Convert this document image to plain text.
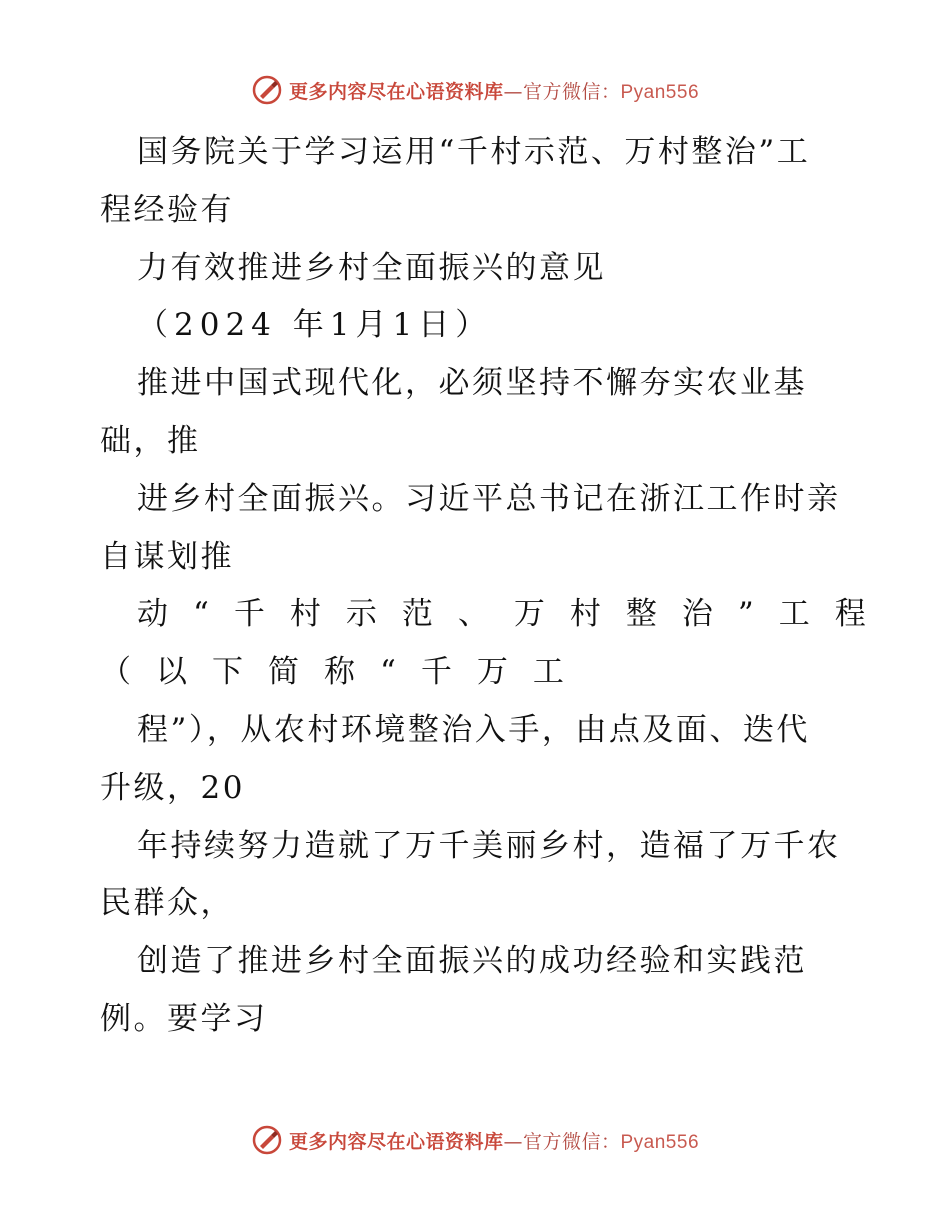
更多内容尽在心语资料库—官方微信：Pyan556
国务院关于学习运用“千村示范、万村整治”工
程经验有
力有效推进乡村全面振兴的意见
（2024 年1月1日）
推进中国式现代化，必须坚持不懈夯实农业基
础，推
进乡村全面振兴。习近平总书记在浙江工作时亲
自谋划推
动“千村示范、万村整治”工程
（以下简称“千万工
程”），从农村环境整治入手，由点及面、迭代
升级，20
年持续努力造就了万千美丽乡村，造福了万千农
民群众，
创造了推进乡村全面振兴的成功经验和实践范
例。要学习
更多内容尽在心语资料库—官方微信：Pyan556
